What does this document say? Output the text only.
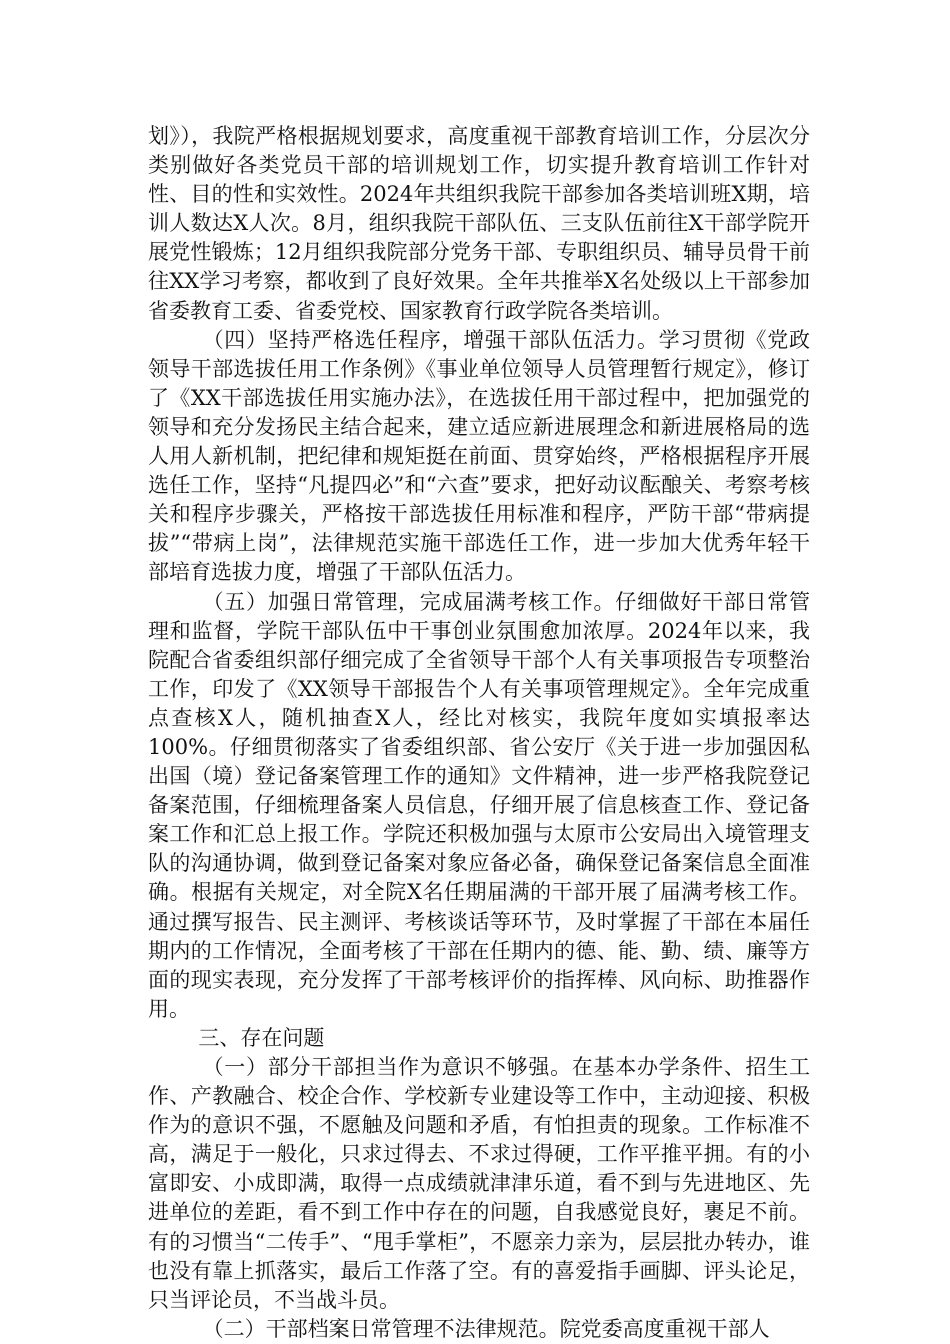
划》），我院严格根据规划要求，高度重视干部教育培训工作，分层次分类别做好各类党员干部的培训规划工作，切实提升教育培训工作针对性、目的性和实效性。2024年共组织我院干部参加各类培训班X期，培训人数达X人次。8月，组织我院干部队伍、三支队伍前往X干部学院开展党性锻炼；12月组织我院部分党务干部、专职组织员、辅导员骨干前往XX学习考察，都收到了良好效果。全年共推举X名处级以上干部参加省委教育工委、省委党校、国家教育行政学院各类培训。

（四）坚持严格选任程序，增强干部队伍活力。学习贯彻《党政领导干部选拔任用工作条例》《事业单位领导人员管理暂行规定》，修订了《XX干部选拔任用实施办法》，在选拔任用干部过程中，把加强党的领导和充分发扬民主结合起来，建立适应新进展理念和新进展格局的选人用人新机制，把纪律和规矩挺在前面、贯穿始终，严格根据程序开展选任工作，坚持“凡提四必”和“六查”要求，把好动议酝酿关、考察考核关和程序步骤关，严格按干部选拔任用标准和程序，严防干部“带病提拔”“带病上岗”，法律规范实施干部选任工作，进一步加大优秀年轻干部培育选拔力度，增强了干部队伍活力。

（五）加强日常管理，完成届满考核工作。仔细做好干部日常管理和监督，学院干部队伍中干事创业氛围愈加浓厚。2024年以来，我院配合省委组织部仔细完成了全省领导干部个人有关事项报告专项整治工作，印发了《XX领导干部报告个人有关事项管理规定》。全年完成重点查核X人，随机抽查X人，经比对核实，我院年度如实填报率达100%。仔细贯彻落实了省委组织部、省公安厅《关于进一步加强因私出国（境）登记备案管理工作的通知》文件精神，进一步严格我院登记备案范围，仔细梳理备案人员信息，仔细开展了信息核查工作、登记备案工作和汇总上报工作。学院还积极加强与太原市公安局出入境管理支队的沟通协调，做到登记备案对象应备必备，确保登记备案信息全面准确。根据有关规定，对全院X名任期届满的干部开展了届满考核工作。通过撰写报告、民主测评、考核谈话等环节，及时掌握了干部在本届任期内的工作情况，全面考核了干部在任期内的德、能、勤、绩、廉等方面的现实表现，充分发挥了干部考核评价的指挥棒、风向标、助推器作用。

三、存在问题

（一）部分干部担当作为意识不够强。在基本办学条件、招生工作、产教融合、校企合作、学校新专业建设等工作中，主动迎接、积极作为的意识不强，不愿触及问题和矛盾，有怕担责的现象。工作标准不高，满足于一般化，只求过得去、不求过得硬，工作平推平拥。有的小富即安、小成即满，取得一点成绩就津津乐道，看不到与先进地区、先进单位的差距，看不到工作中存在的问题，自我感觉良好，裹足不前。有的习惯当“二传手”、“甩手掌柜”，不愿亲力亲为，层层批办转办，谁也没有靠上抓落实，最后工作落了空。有的喜爱指手画脚、评头论足，只当评论员，不当战斗员。

（二）干部档案日常管理不法律规范。院党委高度重视干部人
